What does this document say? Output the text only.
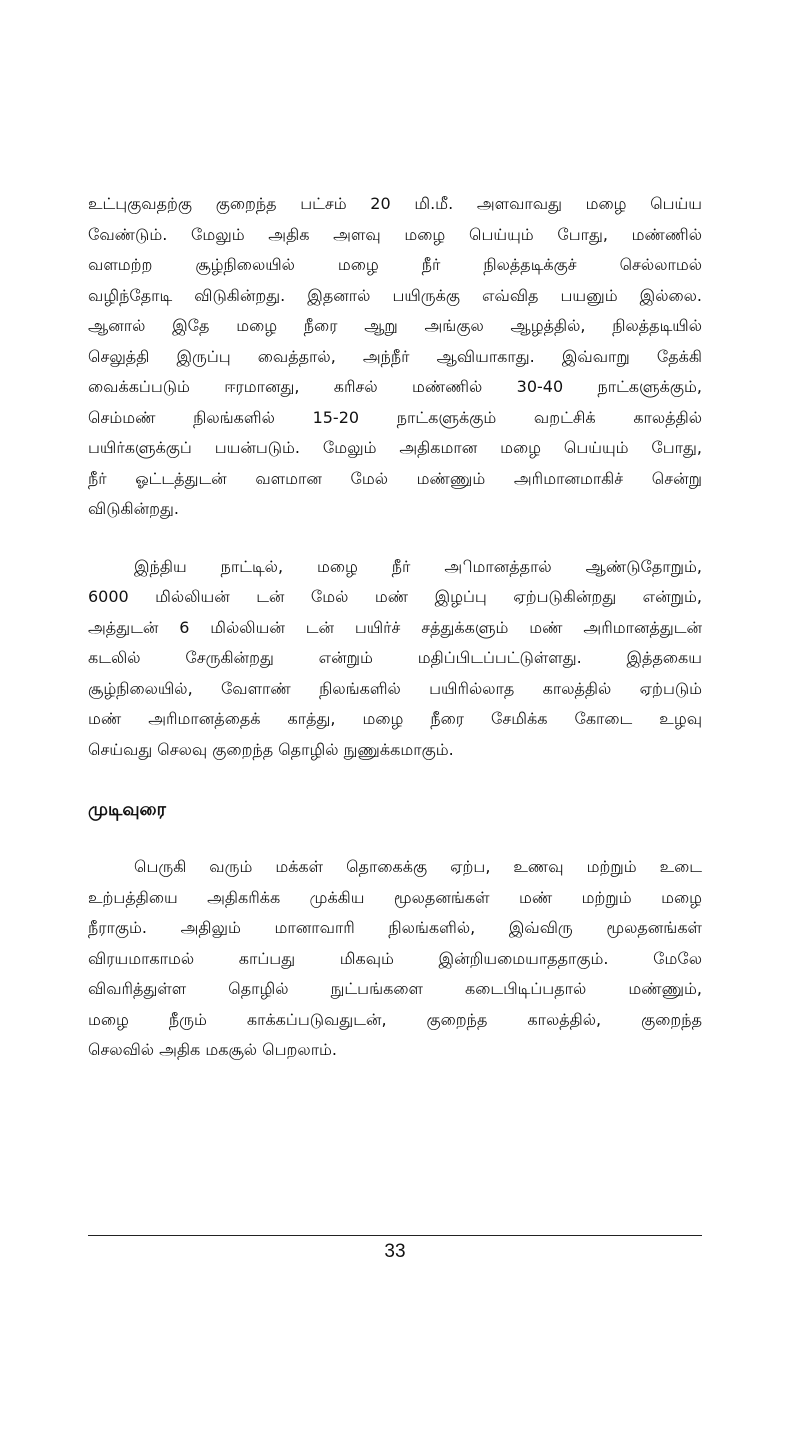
உட்புகுவதற்கு குறைந்த பட்சம் 20 மி.மீ. அளவாவது மழை பெய்ய
வேண்டும். மேலும் அதிக அளவு மழை பெய்யும் போது, மண்ணில்
வளமற்ற சூழ்நிலையில் மழை நீர் நிலத்தடிக்குச் செல்லாமல்
வழிந்தோடி விடுகின்றது. இதனால் பயிருக்கு எவ்வித பயனும் இல்லை.
ஆனால் இதே மழை நீரை ஆறு அங்குல ஆழத்தில், நிலத்தடியில்
செலுத்தி இருப்பு வைத்தால், அந்நீர் ஆவியாகாது. இவ்வாறு தேக்கி
வைக்கப்படும் ஈரமானது, கரிசல் மண்ணில் 30-40 நாட்களுக்கும்,
செம்மண் நிலங்களில் 15-20 நாட்களுக்கும் வறட்சிக் காலத்தில்
பயிர்களுக்குப் பயன்படும். மேலும் அதிகமான மழை பெய்யும் போது,
நீர் ஓட்டத்துடன் வளமான மேல் மண்ணும் அரிமானமாகிச் சென்று
விடுகின்றது.
இந்திய நாட்டில், மழை நீர் அிமானத்தால் ஆண்டுதோறும்,
6000 மில்லியன் டன் மேல் மண் இழப்பு ஏற்படுகின்றது என்றும்,
அத்துடன் 6 மில்லியன் டன் பயிர்ச் சத்துக்களும் மண் அரிமானத்துடன்
கடலில் சேருகின்றது என்றும் மதிப்பிடப்பட்டுள்ளது. இத்தகைய
சூழ்நிலையில், வேளாண் நிலங்களில் பயிரில்லாத காலத்தில் ஏற்படும்
மண் அரிமானத்தைக் காத்து, மழை நீரை சேமிக்க கோடை உழவு
செய்வது செலவு குறைந்த தொழில் நுணுக்கமாகும்.
முடிவுரை
பெருகி வரும் மக்கள் தொகைக்கு ஏற்ப, உணவு மற்றும் உடை
உற்பத்தியை அதிகரிக்க முக்கிய மூலதனங்கள் மண் மற்றும் மழை
நீராகும். அதிலும் மானாவாரி நிலங்களில், இவ்விரு மூலதனங்கள்
விரயமாகாமல் காப்பது மிகவும் இன்றியமையாததாகும். மேலே
விவரித்துள்ள தொழில் நுட்பங்களை கடைபிடிப்பதால் மண்ணும்,
மழை நீரும் காக்கப்படுவதுடன், குறைந்த காலத்தில், குறைந்த
செலவில் அதிக மகசூல் பெறலாம்.
33
